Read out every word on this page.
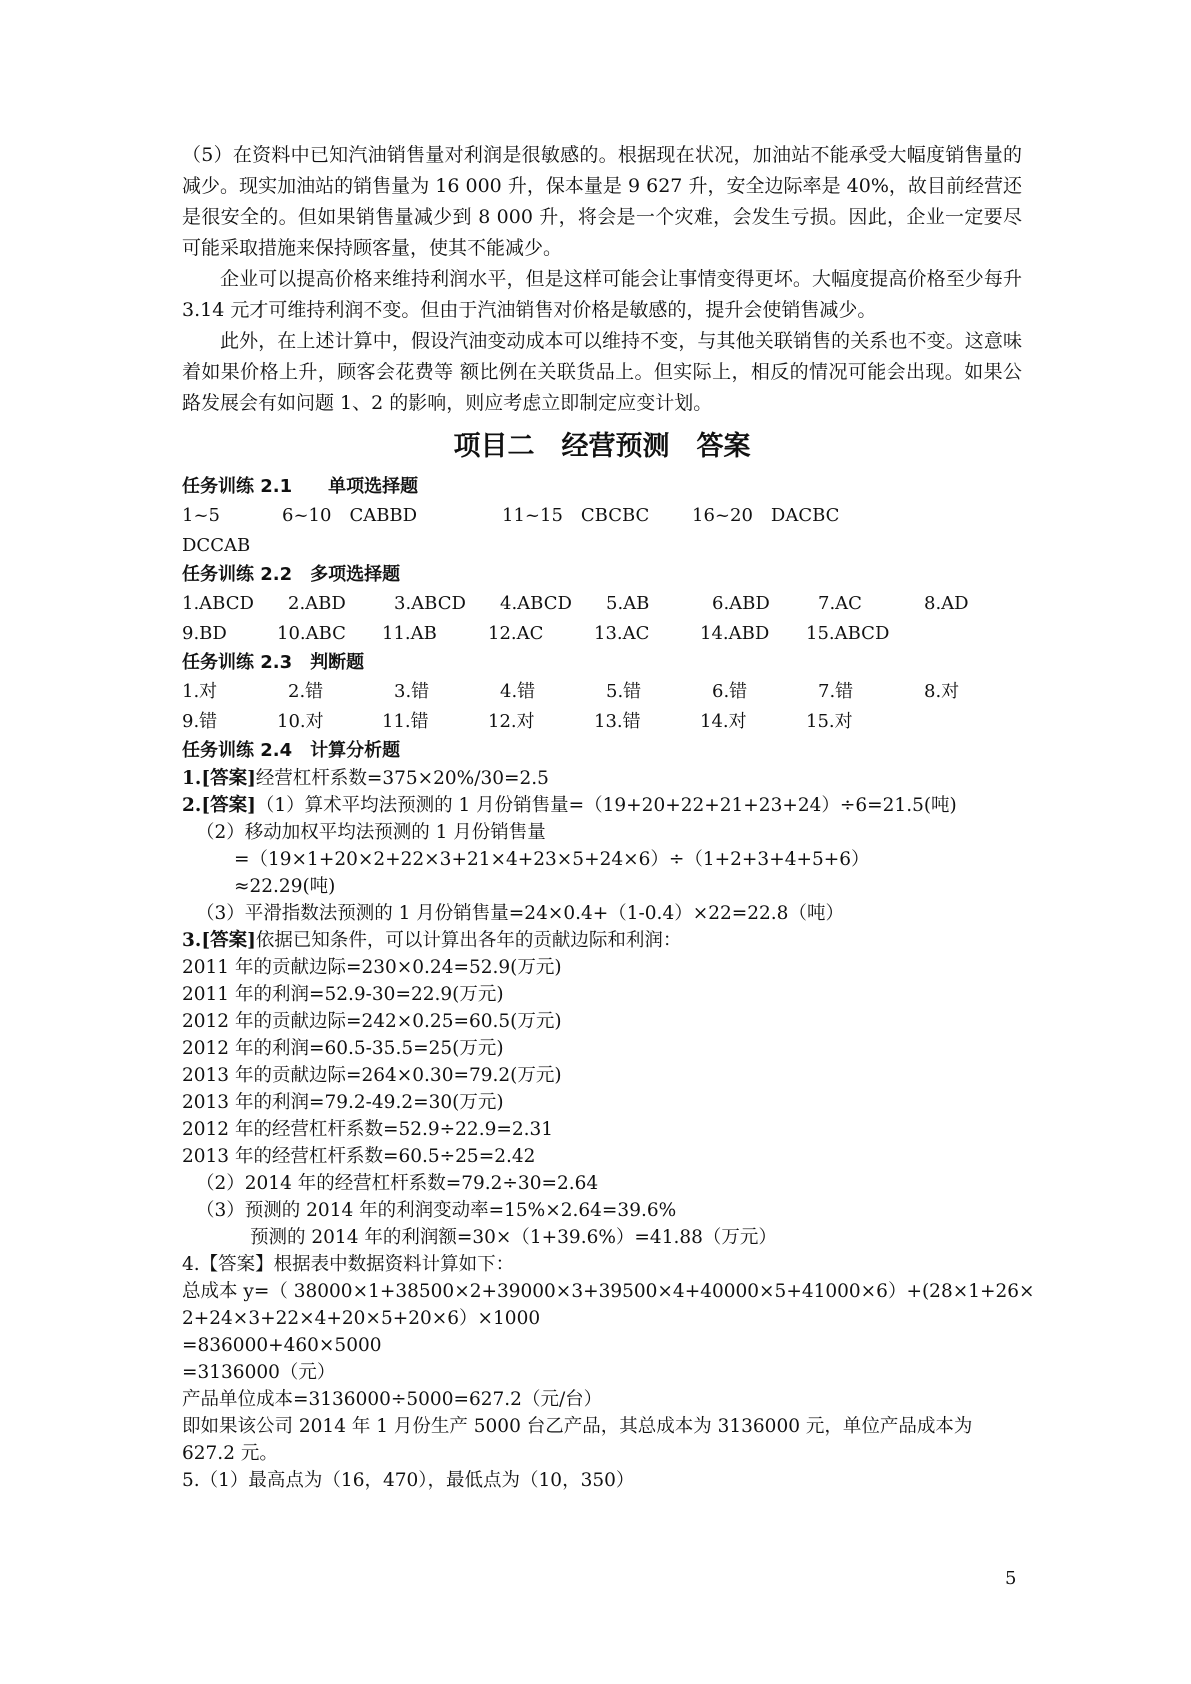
（5）在资料中已知汽油销售量对利润是很敏感的。根据现在状况，加油站不能承受大幅度销售量的减少。现实加油站的销售量为 16 000 升，保本量是 9 627 升，安全边际率是 40%，故目前经营还是很安全的。但如果销售量减少到 8 000 升，将会是一个灾难，会发生亏损。因此，企业一定要尽可能采取措施来保持顾客量，使其不能减少。

企业可以提高价格来维持利润水平，但是这样可能会让事情变得更坏。大幅度提高价格至少每升 3.14 元才可维持利润不变。但由于汽油销售对价格是敏感的，提升会使销售减少。

此外，在上述计算中，假设汽油变动成本可以维持不变，与其他关联销售的关系也不变。这意味着如果价格上升，顾客会花费等 额比例在关联货品上。但实际上，相反的情况可能会出现。如果公路发展会有如问题 1、2 的影响，则应考虑立即制定应变计划。

项目二　经营预测　答案

任务训练 2.1　　单项选择题

1~5　DCCAB
6~10　CABBD	11~15　CBCBC	16~20　DACBC

任务训练 2.2　多项选择题

1.ABCD	2.ABD	3.ABCD	4.ABCD	5.AB	6.ABD	7.AC	8.AD
9.BD	10.ABC	11.AB	12.AC	13.AC	14.ABD	15.ABCD

任务训练 2.3　判断题

1.对	2.错	3.错	4.错	5.错	6.错	7.错	8.对
9.错	10.对	11.错	12.对	13.错	14.对	15.对

任务训练 2.4　计算分析题

1.[答案]经营杠杆系数=375×20%/30=2.5

2.[答案]（1）算术平均法预测的 1 月份销售量=（19+20+22+21+23+24）÷6=21.5(吨)

（2）移动加权平均法预测的 1 月份销售量

=（19×1+20×2+22×3+21×4+23×5+24×6）÷（1+2+3+4+5+6）

≈22.29(吨)

（3）平滑指数法预测的 1 月份销售量=24×0.4+（1-0.4）×22=22.8（吨）

3.[答案]依据已知条件，可以计算出各年的贡献边际和利润：

2011 年的贡献边际=230×0.24=52.9(万元)

2011 年的利润=52.9-30=22.9(万元)

2012 年的贡献边际=242×0.25=60.5(万元)

2012 年的利润=60.5-35.5=25(万元)

2013 年的贡献边际=264×0.30=79.2(万元)

2013 年的利润=79.2-49.2=30(万元)

2012 年的经营杠杆系数=52.9÷22.9=2.31

2013 年的经营杠杆系数=60.5÷25=2.42

（2）2014 年的经营杠杆系数=79.2÷30=2.64

（3）预测的 2014 年的利润变动率=15%×2.64=39.6%

预测的 2014 年的利润额=30×（1+39.6%）=41.88（万元）

4.【答案】根据表中数据资料计算如下：

总成本 y=（ 38000×1+38500×2+39000×3+39500×4+40000×5+41000×6）+(28×1+26×

2+24×3+22×4+20×5+20×6）×1000

=836000+460×5000

=3136000（元）

产品单位成本=3136000÷5000=627.2（元/台）

即如果该公司 2014 年 1 月份生产 5000 台乙产品，其总成本为 3136000 元，单位产品成本为 627.2 元。

5.（1）最高点为（16，470），最低点为（10，350）

5
